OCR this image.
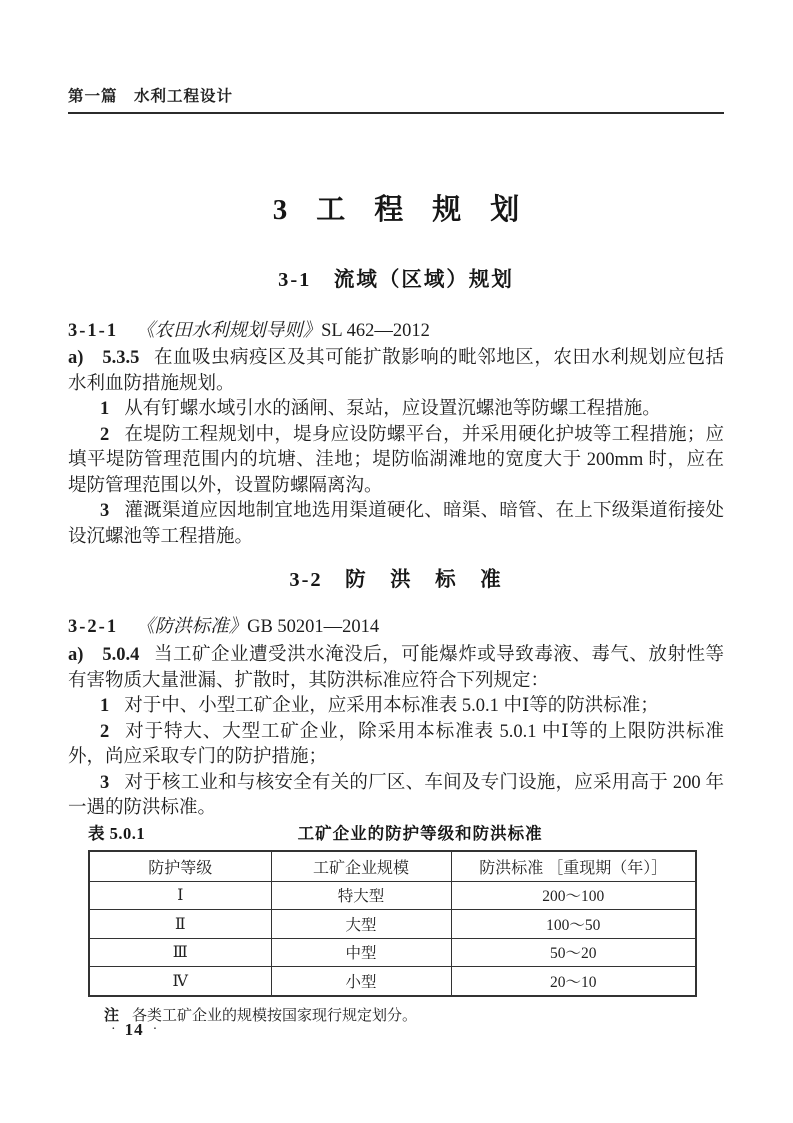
第一篇　水利工程设计
3　工　程　规　划
3-1　流域（区域）规划

3-1-1 《农田水利规划导则》SL 462—2012

a) 5.3.5 在血吸虫病疫区及其可能扩散影响的毗邻地区，农田水利规划应包括水利血防措施规划。

1 从有钉螺水域引水的涵闸、泵站，应设置沉螺池等防螺工程措施。

2 在堤防工程规划中，堤身应设防螺平台，并采用硬化护坡等工程措施；应填平堤防管理范围内的坑塘、洼地；堤防临湖滩地的宽度大于 200mm 时，应在堤防管理范围以外，设置防螺隔离沟。

3 灌溉渠道应因地制宜地选用渠道硬化、暗渠、暗管、在上下级渠道衔接处设沉螺池等工程措施。

3-2　防　洪　标　准

3-2-1 《防洪标准》GB 50201—2014

a) 5.0.4 当工矿企业遭受洪水淹没后，可能爆炸或导致毒液、毒气、放射性等有害物质大量泄漏、扩散时，其防洪标准应符合下列规定：

1 对于中、小型工矿企业，应采用本标准表 5.0.1 中Ⅰ等的防洪标准；

2 对于特大、大型工矿企业，除采用本标准表 5.0.1 中Ⅰ等的上限防洪标准外，尚应采取专门的防护措施；

3 对于核工业和与核安全有关的厂区、车间及专门设施，应采用高于 200 年一遇的防洪标准。

表 5.0.1	工矿企业的防护等级和防洪标准
防护等级	工矿企业规模	防洪标准 ［重现期（年）］
Ⅰ	特大型	200～100
Ⅱ	大型	100～50
Ⅲ	中型	50～20
Ⅳ	小型	20～10

注 各类工矿企业的规模按国家现行规定划分。

· 14 ·
